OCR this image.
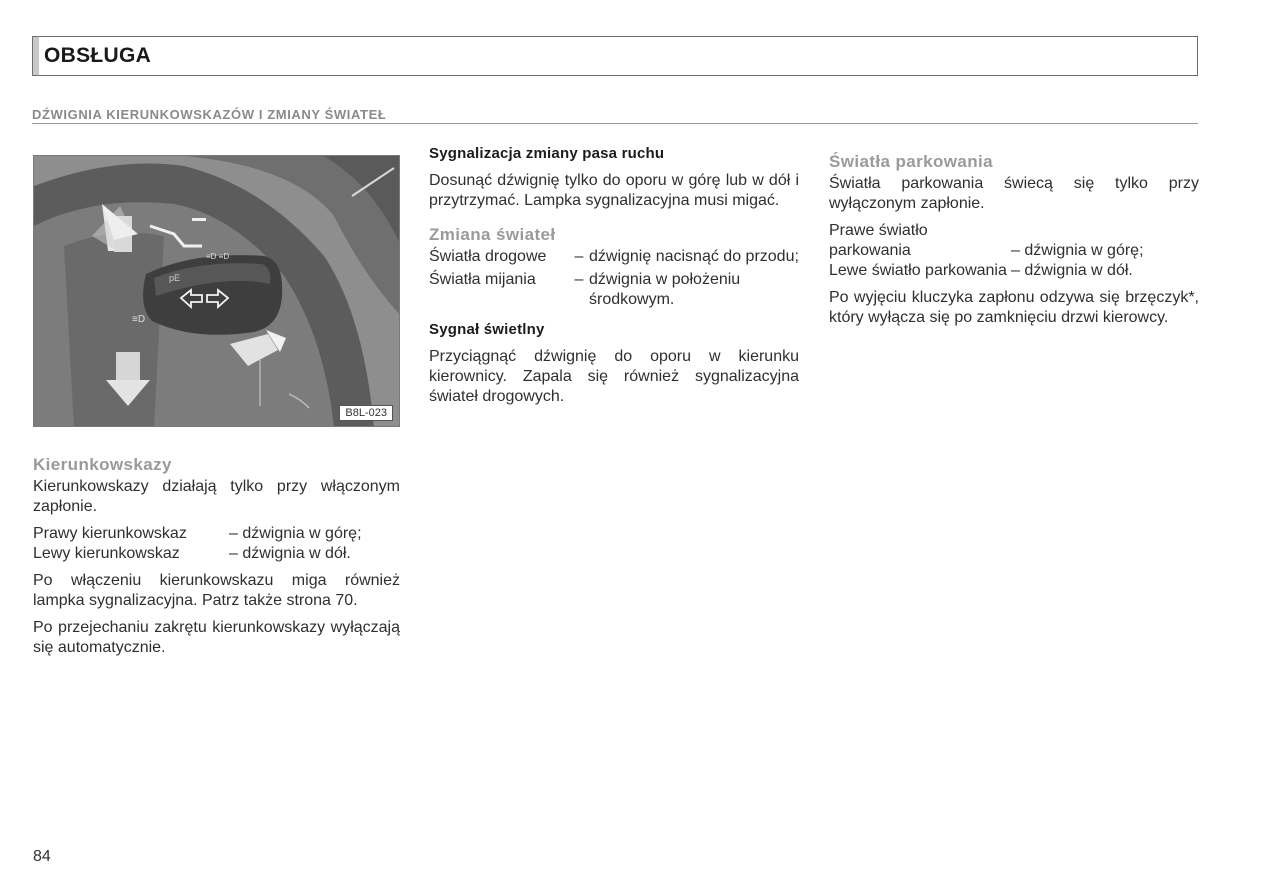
OBSŁUGA
DŹWIGNIA KIERUNKOWSKAZÓW I ZMIANY ŚWIATEŁ
pE
≡D
≡D ≡D
B8L-023
Kierunkowskazy

Kierunkowskazy działają tylko przy włączonym zapłonie.

Prawy kierunkowskaz	– dźwignia w górę;
Lewy kierunkowskaz	– dźwignia w dół.

Po włączeniu kierunkowskazu miga również lampka sygnalizacyjna. Patrz także strona 70.

Po przejechaniu zakrętu kierunkowskazy wyłączają się automatycznie.

Sygnalizacja zmiany pasa ruchu

Dosunąć dźwignię tylko do oporu w górę lub w dół i przytrzymać. Lampka sygnalizacyjna musi migać.

Zmiana świateł
Światła drogowe	– dźwignię nacisnąć do przodu;
Światła mijania	– dźwignia w położeniu środkowym.
Sygnał świetlny

Przyciągnąć dźwignię do oporu w kierunku kierownicy. Zapala się również sygnalizacyjna świateł drogowych.

Światła parkowania

Światła parkowania świecą się tylko przy wyłączonym zapłonie.

Prawe światło parkowania	– dźwignia w górę;
Lewe światło parkowania – dźwignia w dół.

Po wyjęciu kluczyka zapłonu odzywa się brzęczyk*, który wyłącza się po zamknięciu drzwi kierowcy.

84
